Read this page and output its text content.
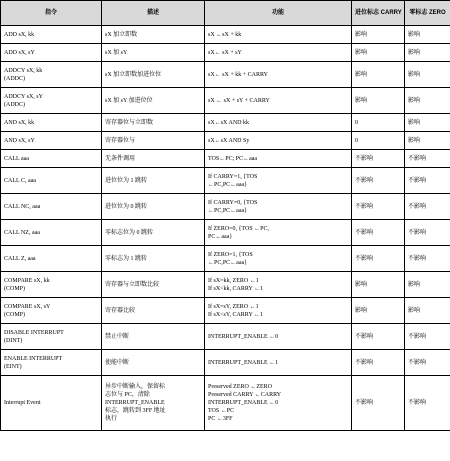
指令	描述	功能	进位标志 CARRY	零标志 ZERO

ADD sX, kk	sX 加立即数	sX ←sX + kk	影响	影响

ADD sX, sY	sX 加 sY	sX← sX + sY	影响	影响

ADDCY sX, kk
(ADDC)	sX 加立即数加进位位	sX← sX + kk + CARRY	影响	影响

ADDCY sX, sY
(ADDC)	sX 加 sY 加进位位	sX ← sX + sY + CARRY	影响	影响

AND sX, kk	寄存器位与立即数	sX←sX AND kk	0	影响

AND sX, sY	寄存器位与	sX←sX AND Sy	0	影响

CALL aaa	无条件调用	TOS←PC; PC←aaa	不影响	不影响

CALL C, aaa	进位位为 1 跳转	If CARRY=1, {TOS
←PC,PC←aaa}	不影响	不影响

CALL NC, aaa	进位位为 0 跳转	If CARRY=0, {TOS
←PC,PC←aaa}	不影响	不影响

CALL NZ, aaa	零标志位为 0 跳转	If ZERO=0, {TOS ←PC,
PC←aaa}	不影响	不影响

CALL Z, aaa	零标志为 1 跳转	If ZERO=1, {TOS
←PC,PC←aaa}	不影响	不影响

COMPARE sX, kk
(COMP)	寄存器与立即数比较	If sX=kk, ZERO ←1
If sX<kk, CARRY ←1	影响	影响

COMPARE sX, sY
(COMP)	寄存器比较	If sX=sY, ZERO ←1
If sX<sY, CARRY ←1	影响	影响

DISABLE INTERRUPT
(DINT)	禁止中断	INTERRUPT_ENABLE ←0	不影响	不影响

ENABLE INTERRUPT
(EINT)	使能中断	INTERRUPT_ENABLE ←1	不影响	不影响

Interrupt Event	异步中断输入，保留标
志位与 PC，清除
INTERRUPT_ENABLE
标志，跳转到 3FF 地址
执行	Preserved ZERO ←ZERO
Preserved CARRY ←CARRY
INTERRUPT_ENABLE ←0
TOS ←PC
PC ←3FF	不影响	不影响
